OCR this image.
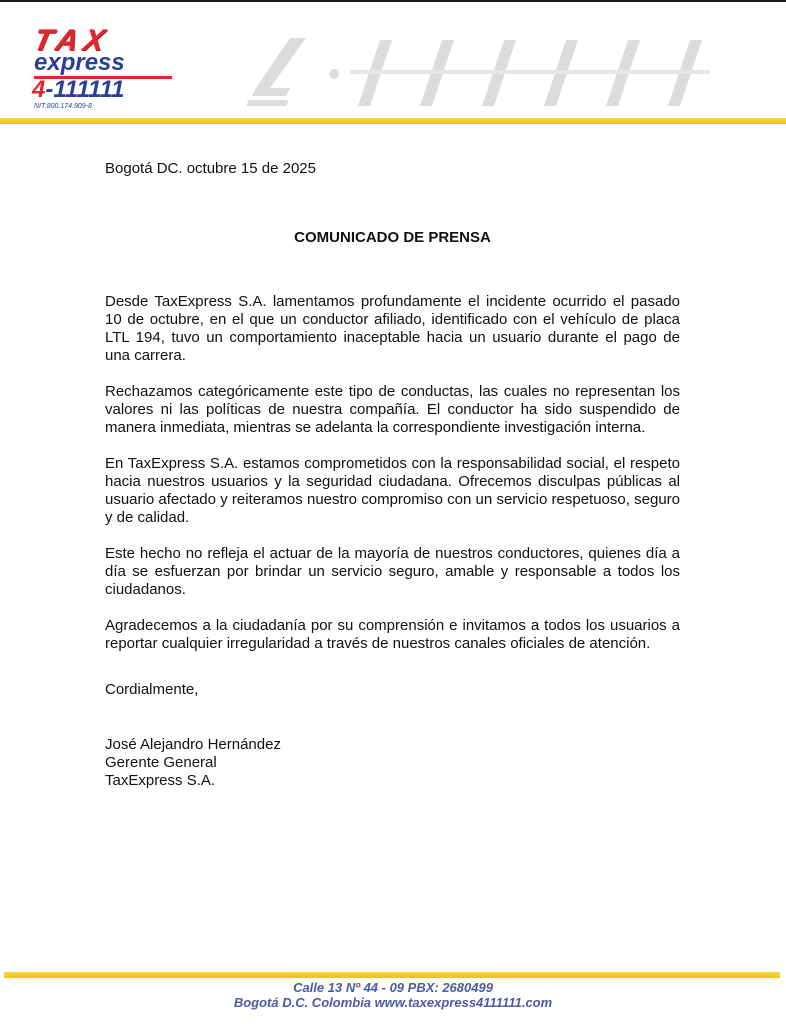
TAX
express
4-111111
NIT:800.174.909-8

Bogotá DC. octubre 15 de 2025

COMUNICADO DE PRENSA

Desde TaxExpress S.A. lamentamos profundamente el incidente ocurrido el pasado 10 de octubre, en el que un conductor afiliado, identificado con el vehículo de placa LTL 194, tuvo un comportamiento inaceptable hacia un usuario durante el pago de una carrera.

Rechazamos categóricamente este tipo de conductas, las cuales no representan los valores ni las políticas de nuestra compañía. El conductor ha sido suspendido de manera inmediata, mientras se adelanta la correspondiente investigación interna.

En TaxExpress S.A. estamos comprometidos con la responsabilidad social, el respeto hacia nuestros usuarios y la seguridad ciudadana. Ofrecemos disculpas públicas al usuario afectado y reiteramos nuestro compromiso con un servicio respetuoso, seguro y de calidad.

Este hecho no refleja el actuar de la mayoría de nuestros conductores, quienes día a día se esfuerzan por brindar un servicio seguro, amable y responsable a todos los ciudadanos.

Agradecemos a la ciudadanía por su comprensión e invitamos a todos los usuarios a reportar cualquier irregularidad a través de nuestros canales oficiales de atención.

Cordialmente,

José Alejandro Hernández
Gerente General
TaxExpress S.A.
Calle 13 Nº 44 - 09 PBX: 2680499
Bogotá D.C. Colombia www.taxexpress4111111.com
